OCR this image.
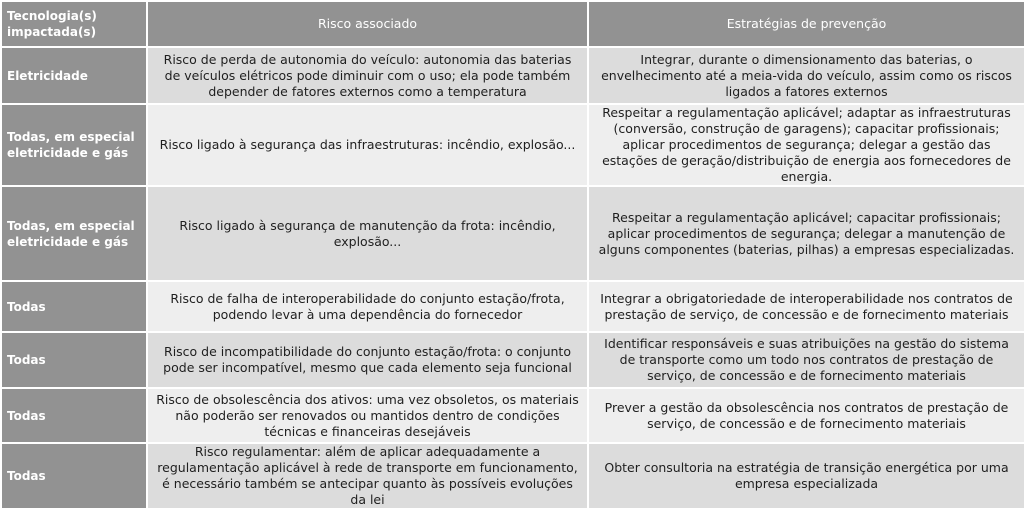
Tecnologia(s) impactada(s)	Risco associado	Estratégias de prevenção
Eletricidade	Risco de perda de autonomia do veículo: autonomia das baterias de veículos elétricos pode diminuir com o uso; ela pode também depender de fatores externos como a temperatura	Integrar, durante o dimensionamento das baterias, o envelhecimento até a meia-vida do veículo, assim como os riscos ligados a fatores externos
Todas, em especial eletricidade e gás	Risco ligado à segurança das infraestruturas: incêndio, explosão...	Respeitar a regulamentação aplicável; adaptar as infraestruturas (conversão, construção de garagens); capacitar profissionais; aplicar procedimentos de segurança; delegar a gestão das estações de geração/distribuição de energia aos fornecedores de energia.
Todas, em especial eletricidade e gás	Risco ligado à segurança de manutenção da frota: incêndio, explosão...	Respeitar a regulamentação aplicável; capacitar profissionais; aplicar procedimentos de segurança; delegar a manutenção de alguns componentes (baterias, pilhas) a empresas especializadas.
Todas	Risco de falha de interoperabilidade do conjunto estação/frota, podendo levar à uma dependência do fornecedor	Integrar a obrigatoriedade de interoperabilidade nos contratos de prestação de serviço, de concessão e de fornecimento materiais
Todas	Risco de incompatibilidade do conjunto estação/frota: o conjunto pode ser incompatível, mesmo que cada elemento seja funcional	Identificar responsáveis e suas atribuições na gestão do sistema de transporte como um todo nos contratos de prestação de serviço, de concessão e de fornecimento materiais
Todas	Risco de obsolescência dos ativos: uma vez obsoletos, os materiais não poderão ser renovados ou mantidos dentro de condições técnicas e financeiras desejáveis	Prever a gestão da obsolescência nos contratos de prestação de serviço, de concessão e de fornecimento materiais
Todas	Risco regulamentar: além de aplicar adequadamente a regulamentação aplicável à rede de transporte em funcionamento, é necessário também se antecipar quanto às possíveis evoluções da lei	Obter consultoria na estratégia de transição energética por uma empresa especializada
